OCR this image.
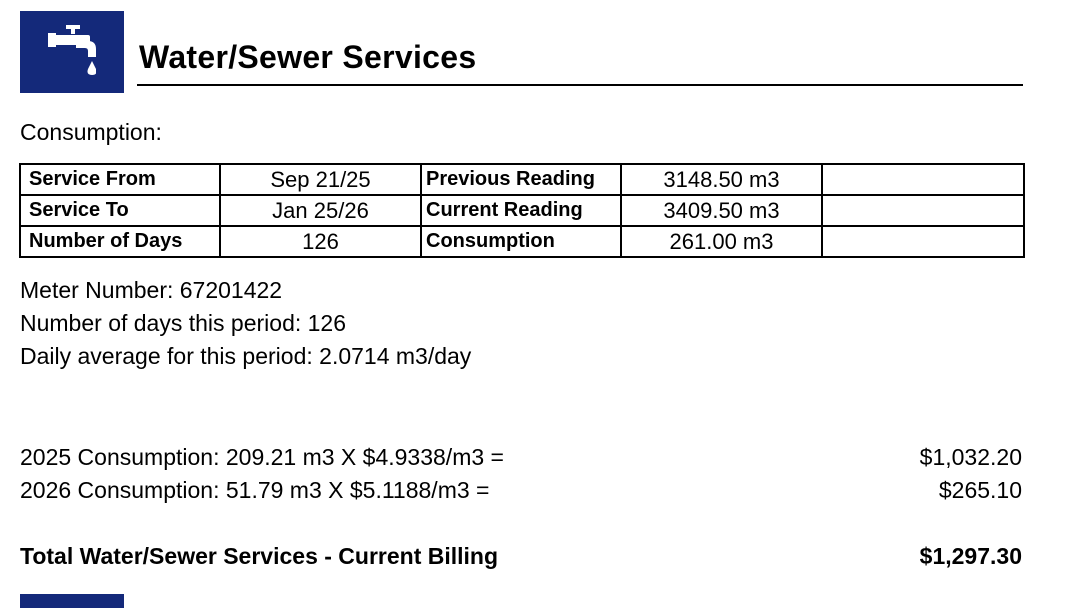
Water/Sewer Services
Consumption:
Service From	Sep 21/25	Previous Reading	3148.50 m3	
Service To	Jan 25/26	Current Reading	3409.50 m3	
Number of Days	126	Consumption	261.00 m3	
Meter Number: 67201422
Number of days this period: 126
Daily average for this period: 2.0714 m3/day
2025 Consumption: 209.21 m3 X $4.9338/m3 =	$1,032.20
2026 Consumption: 51.79 m3 X $5.1188/m3 =	$265.10
Total Water/Sewer Services - Current Billing	$1,297.30
